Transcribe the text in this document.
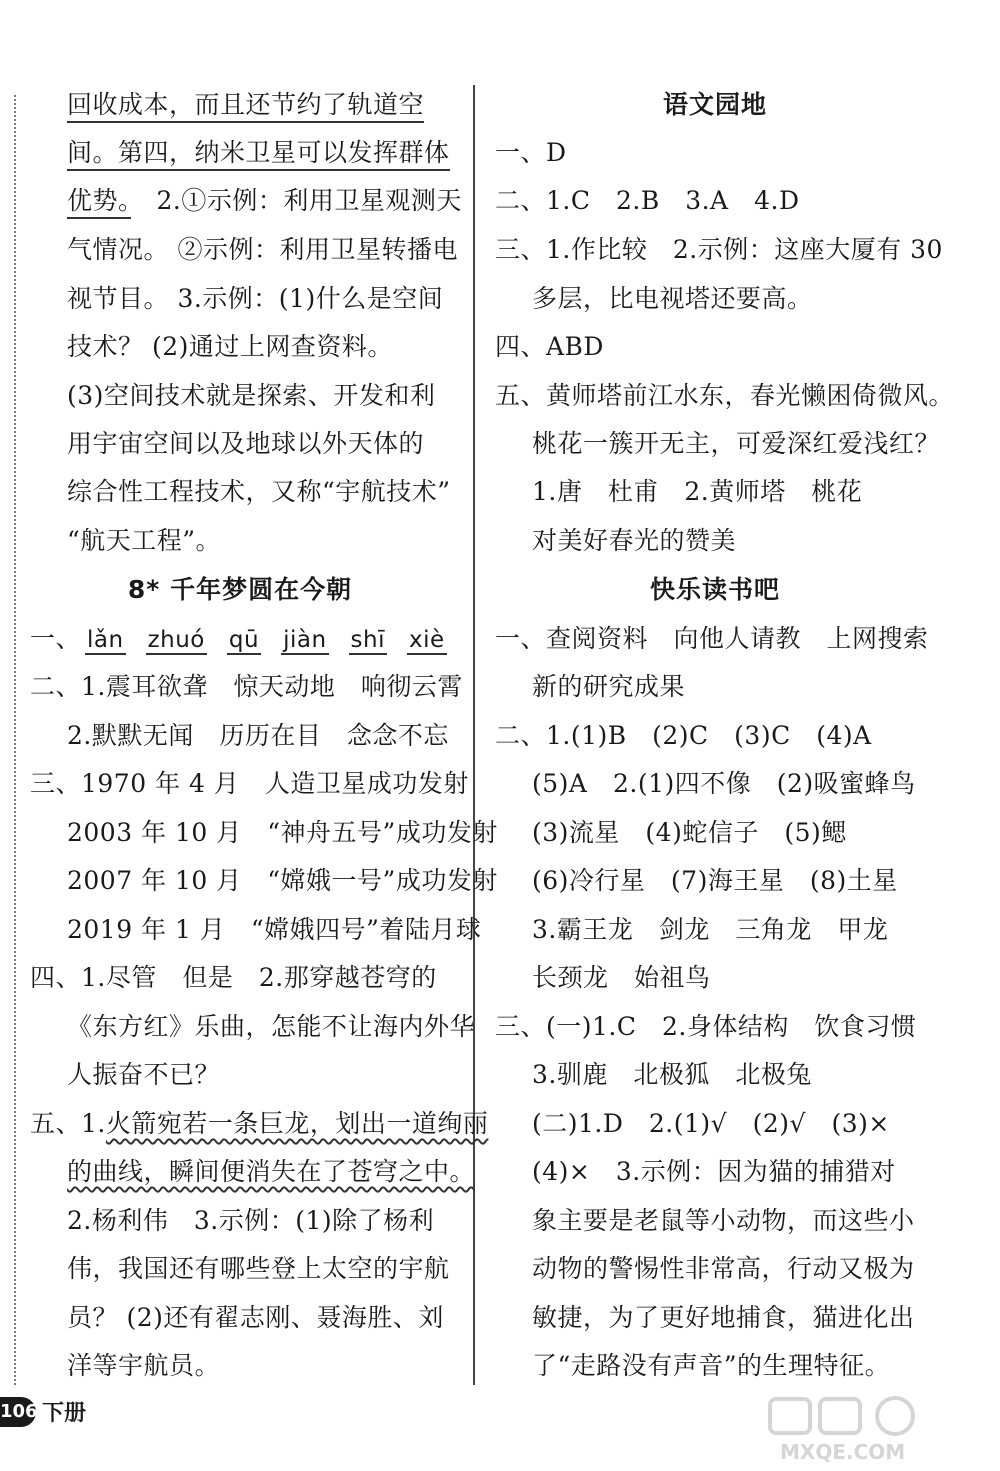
回收成本，而且还节约了轨道空
间。第四，纳米卫星可以发挥群体
优势。　 2.①示例：利用卫星观测天
气情况。 ②示例：利用卫星转播电
视节目。 3.示例：(1)什么是空间
技术？ (2)通过上网查资料。
(3)空间技术就是探索、开发和利
用宇宙空间以及地球以外天体的
综合性工程技术，又称“宇航技术”
“航天工程”。
8* 千年梦圆在今朝
一、 lǎn zhuó qū jiàn shī xiè
二、1.震耳欲聋　惊天动地　响彻云霄
2.默默无闻　历历在目　念念不忘
三、1970 年 4 月　人造卫星成功发射
2003 年 10 月　“神舟五号”成功发射
2007 年 10 月　“嫦娥一号”成功发射
2019 年 1 月　“嫦娥四号”着陆月球
四、1.尽管　但是　2.那穿越苍穹的
《东方红》乐曲，怎能不让海内外华
人振奋不已？
五、1.火箭宛若一条巨龙，划出一道绚丽
的曲线，瞬间便消失在了苍穹之中。
2.杨利伟　3.示例：(1)除了杨利
伟，我国还有哪些登上太空的宇航
员？ (2)还有翟志刚、聂海胜、刘
洋等宇航员。
语文园地
一、D
二、1.C　2.B　3.A　4.D
三、1.作比较　2.示例：这座大厦有 30
多层，比电视塔还要高。
四、ABD
五、黄师塔前江水东，春光懒困倚微风。
桃花一簇开无主，可爱深红爱浅红？
1.唐　杜甫　2.黄师塔　桃花
对美好春光的赞美
快乐读书吧
一、查阅资料　向他人请教　上网搜索
新的研究成果
二、1.(1)B　(2)C　(3)C　(4)A
(5)A　2.(1)四不像　(2)吸蜜蜂鸟
(3)流星　(4)蛇信子　(5)鳃
(6)冷行星　(7)海王星　(8)土星
3.霸王龙　剑龙　三角龙　甲龙
长颈龙　始祖鸟
三、(一)1.C　2.身体结构　饮食习惯
3.驯鹿　北极狐　北极兔
(二)1.D　2.(1)√　(2)√　(3)×
(4)×　3.示例：因为猫的捕猎对
象主要是老鼠等小动物，而这些小
动物的警惕性非常高，行动又极为
敏捷，为了更好地捕食，猫进化出
了“走路没有声音”的生理特征。
106 下册
MXQE.COM
